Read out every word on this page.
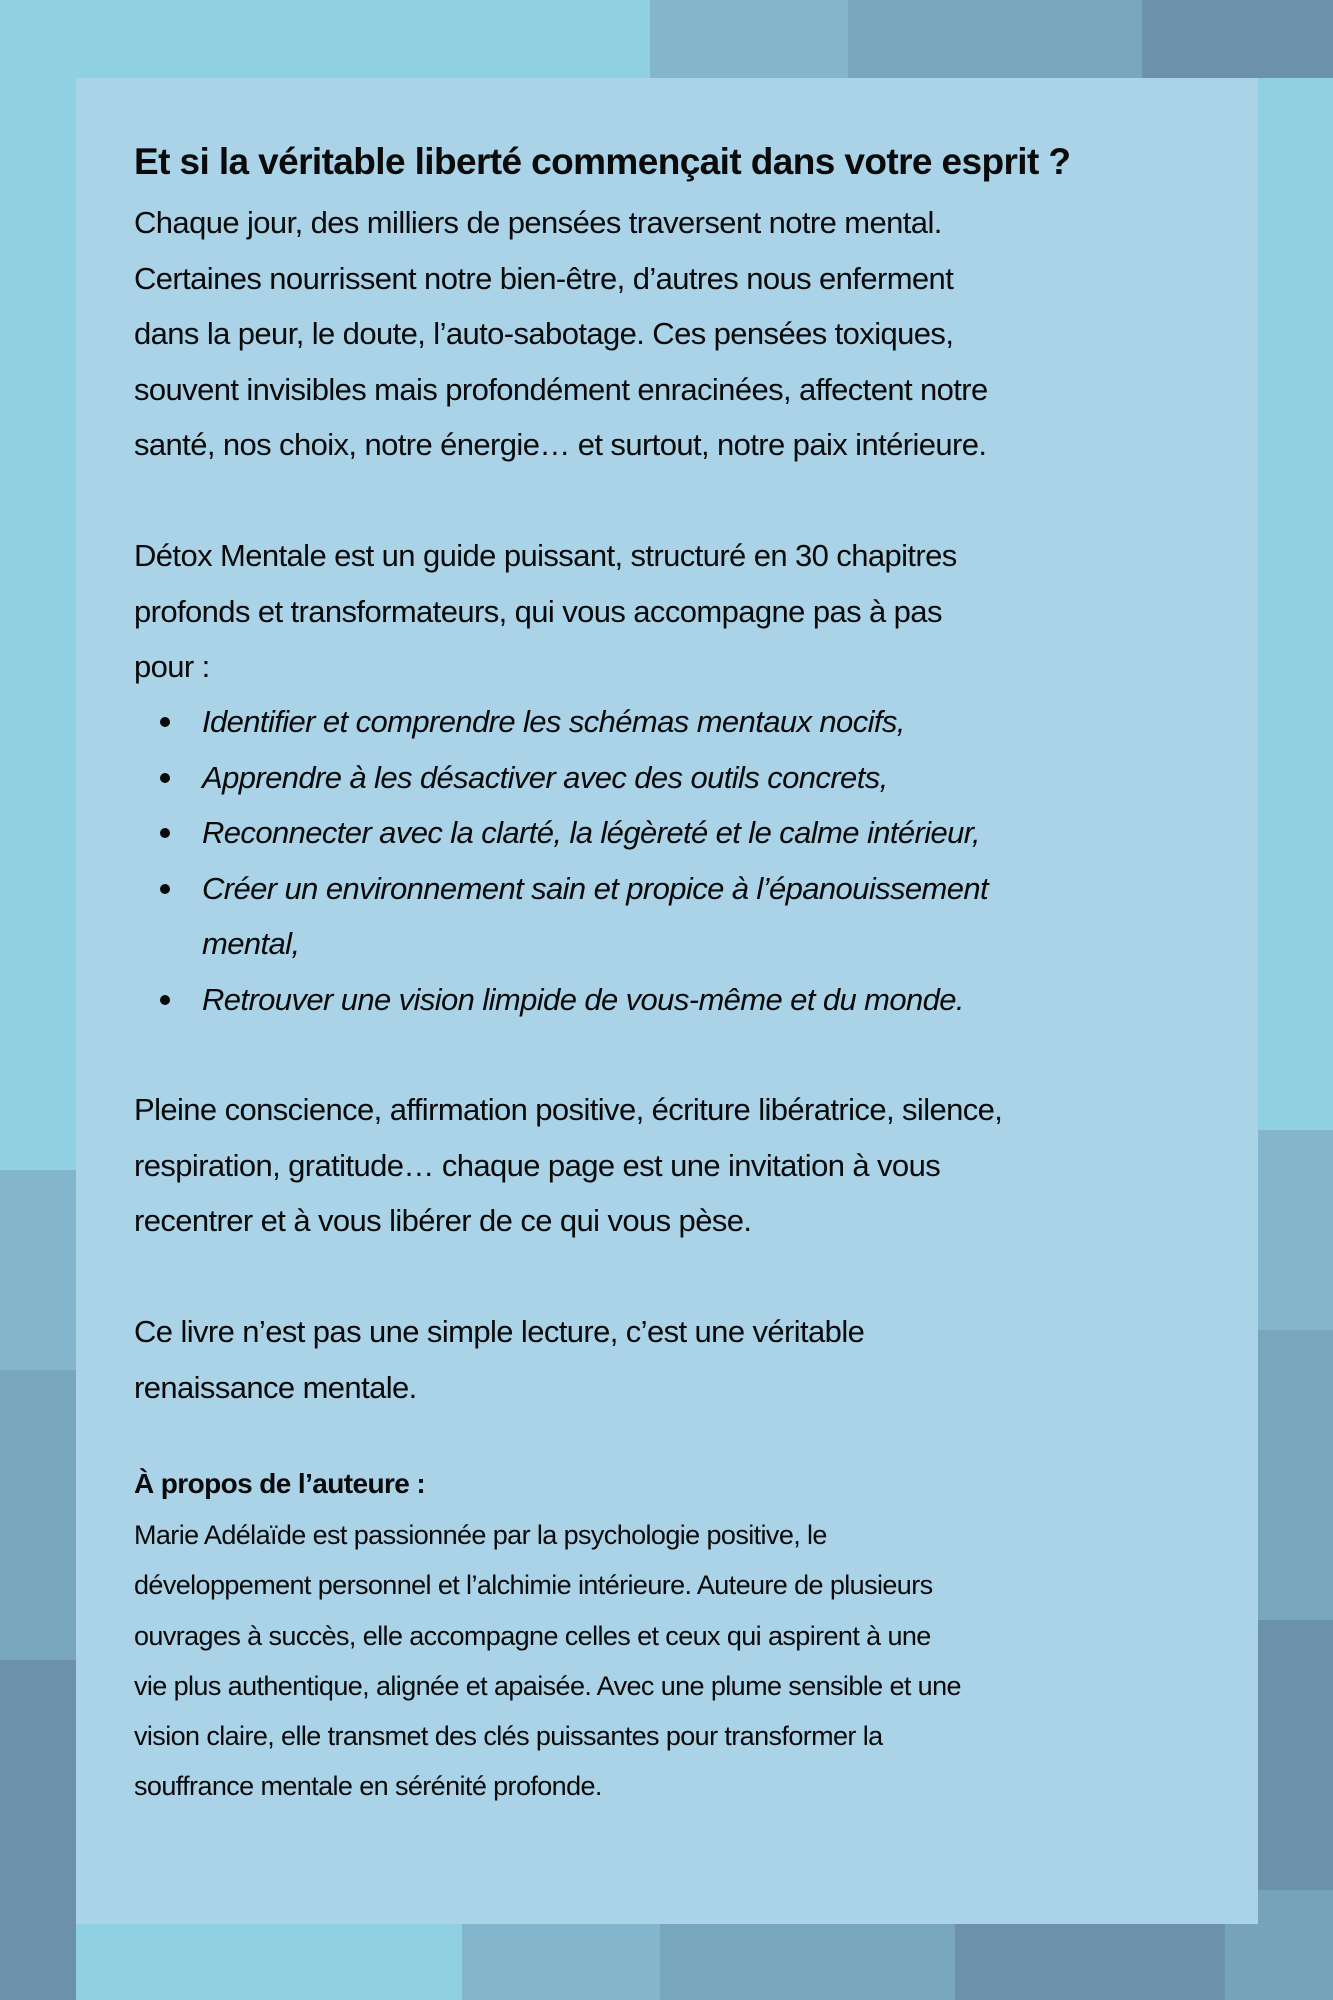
Et si la véritable liberté commençait dans votre esprit ?
Chaque jour, des milliers de pensées traversent notre mental.
Certaines nourrissent notre bien-être, d’autres nous enferment
dans la peur, le doute, l’auto-sabotage. Ces pensées toxiques,
souvent invisibles mais profondément enracinées, affectent notre
santé, nos choix, notre énergie… et surtout, notre paix intérieure.
Détox Mentale est un guide puissant, structuré en 30 chapitres
profonds et transformateurs, qui vous accompagne pas à pas
pour :
Identifier et comprendre les schémas mentaux nocifs,
Apprendre à les désactiver avec des outils concrets,
Reconnecter avec la clarté, la légèreté et le calme intérieur,
Créer un environnement sain et propice à l’épanouissement
mental,
Retrouver une vision limpide de vous-même et du monde.
Pleine conscience, affirmation positive, écriture libératrice, silence,
respiration, gratitude… chaque page est une invitation à vous
recentrer et à vous libérer de ce qui vous pèse.
Ce livre n’est pas une simple lecture, c’est une véritable
renaissance mentale.
À propos de l’auteure :
Marie Adélaïde est passionnée par la psychologie positive, le
développement personnel et l’alchimie intérieure. Auteure de plusieurs
ouvrages à succès, elle accompagne celles et ceux qui aspirent à une
vie plus authentique, alignée et apaisée. Avec une plume sensible et une
vision claire, elle transmet des clés puissantes pour transformer la
souffrance mentale en sérénité profonde.
